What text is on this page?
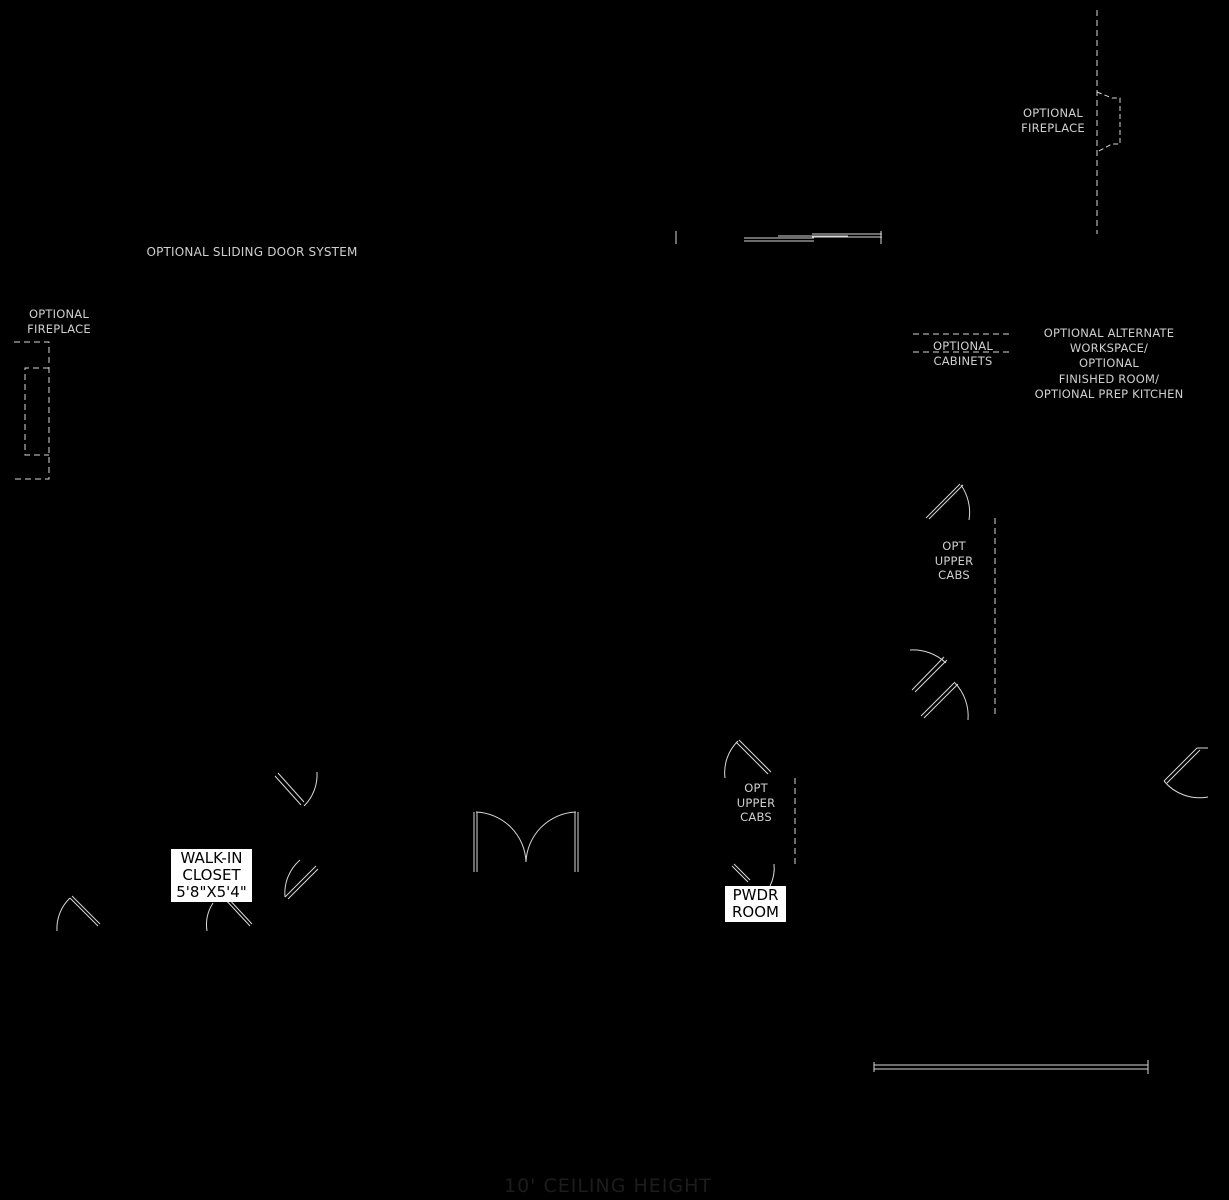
OPTIONAL
FIREPLACE
OPTIONAL SLIDING DOOR SYSTEM
OPTIONAL
FIREPLACE
OPTIONAL
CABINETS
OPTIONAL ALTERNATE
WORKSPACE/
OPTIONAL
FINISHED ROOM/
OPTIONAL PREP KITCHEN
OPT
UPPER
CABS
OPT
UPPER
CABS
WALK-IN
CLOSET
5'8"X5'4"	PWDR
ROOM
10' CEILING HEIGHT
